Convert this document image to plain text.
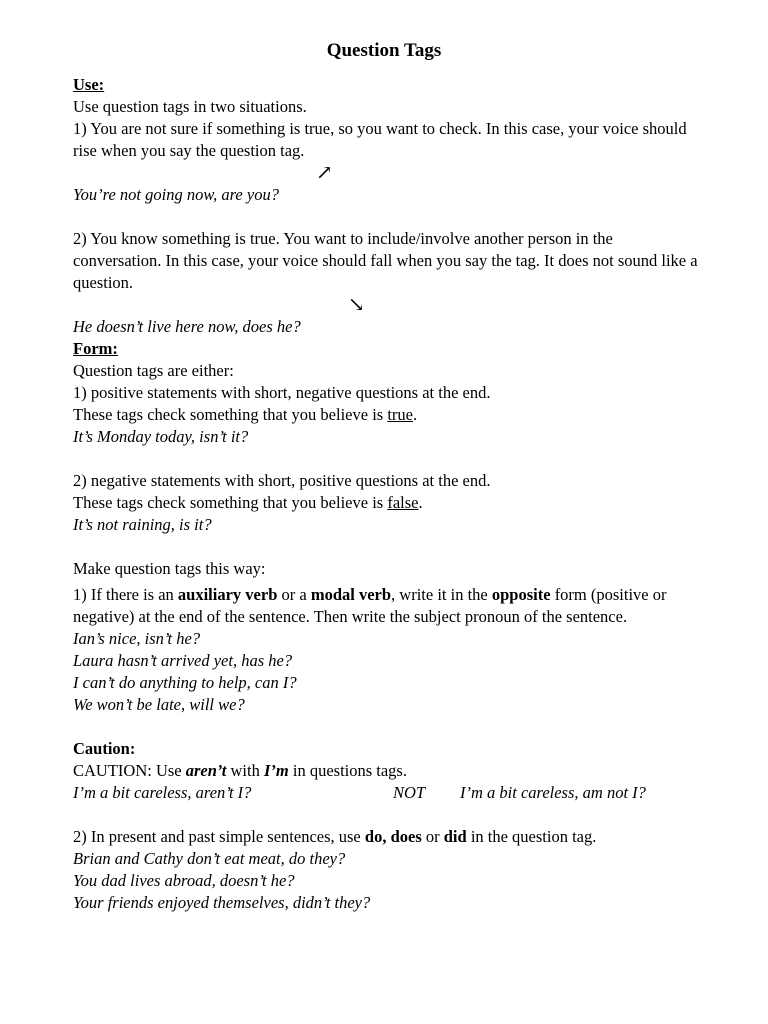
Question Tags

Use:

Use question tags in two situations.

1) You are not sure if something is true, so you want to check. In this case, your voice should rise when you say the question tag.

↗

You’re not going now, are you?

2) You know something is true. You want to include/involve another person in the conversation. In this case, your voice should fall when you say the tag. It does not sound like a question.

↘

He doesn’t live here now, does he?

Form:

Question tags are either:

1) positive statements with short, negative questions at the end.

These tags check something that you believe is true.

It’s Monday today, isn’t it?

2) negative statements with short, positive questions at the end.

These tags check something that you believe is false.

It’s not raining, is it?

Make question tags this way:

1) If there is an auxiliary verb or a modal verb, write it in the opposite form (positive or negative) at the end of the sentence. Then write the subject pronoun of the sentence.

Ian’s nice, isn’t he?

Laura hasn’t arrived yet, has he?

I can’t do anything to help, can I?

We won’t be late, will we?

Caution:

CAUTION: Use aren’t with I’m in questions tags.

I’m a bit careless, aren’t I?	NOT I’m a bit careless, am not I?

2) In present and past simple sentences, use do, does or did in the question tag.

Brian and Cathy don’t eat meat, do they?

You dad lives abroad, doesn’t he?

Your friends enjoyed themselves, didn’t they?
